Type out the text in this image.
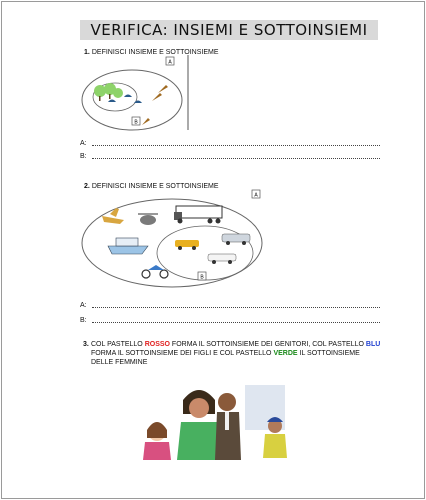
VERIFICA: INSIEMI E SOTTOINSIEMI
1. DEFINISCI INSIEME E SOTTOINSIEME
A
B
A:
B:
2. DEFINISCI INSIEME E SOTTOINSIEME
A
B
A:
B:
3. COL PASTELLO ROSSO FORMA IL SOTTOINSIEME DEI GENITORI, COL PASTELLO BLU FORMA IL SOTTOINSIEME DEI FIGLI E COL PASTELLO VERDE IL SOTTOINSIEME DELLE FEMMINE
